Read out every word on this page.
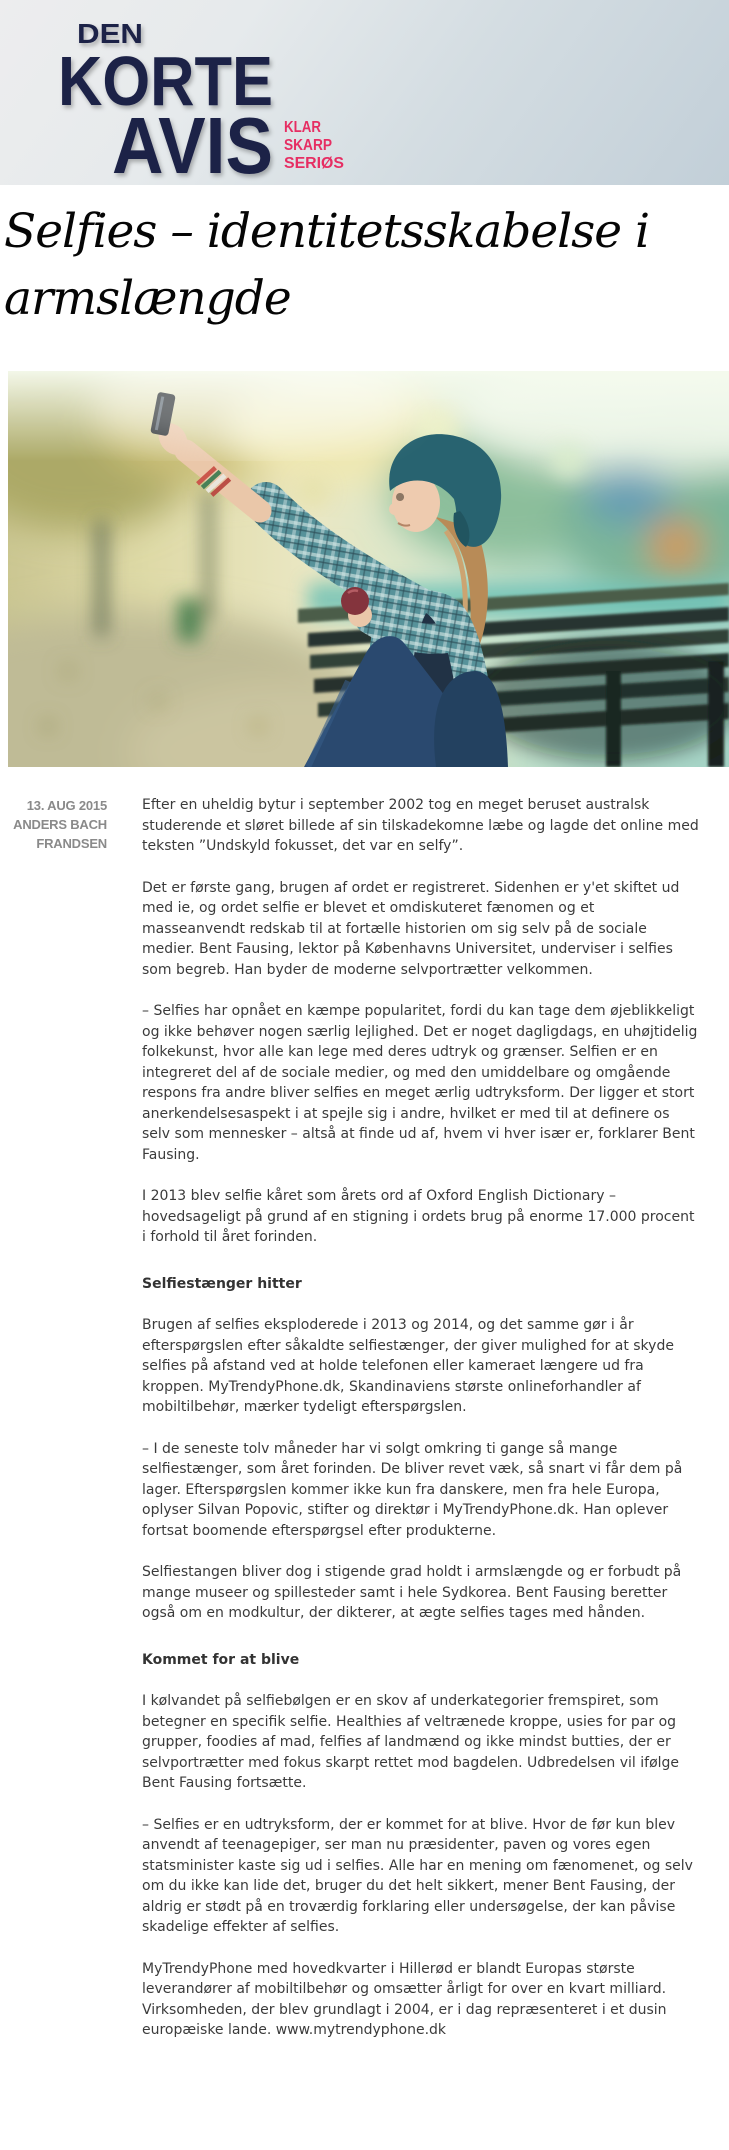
DEN
KORTE
AVIS KLAR
SKARP
SERIØS
Selfies – identitetsskabelse i
armslængde
13. AUG 2015
ANDERS BACH FRANDSEN

Efter en uheldig bytur i september 2002 tog en meget beruset australsk studerende et sløret billede af sin tilskadekomne læbe og lagde det online med teksten ”Undskyld fokusset, det var en selfy”.

Det er første gang, brugen af ordet er registreret. Sidenhen er y'et skiftet ud med ie, og ordet selfie er blevet et omdiskuteret fænomen og et masseanvendt redskab til at fortælle historien om sig selv på de sociale medier. Bent Fausing, lektor på Københavns Universitet, underviser i selfies som begreb. Han byder de moderne selvportrætter velkommen.

– Selfies har opnået en kæmpe popularitet, fordi du kan tage dem øjeblikkeligt og ikke behøver nogen særlig lejlighed. Det er noget dagligdags, en uhøjtidelig folkekunst, hvor alle kan lege med deres udtryk og grænser. Selfien er en integreret del af de sociale medier, og med den umiddelbare og omgående respons fra andre bliver selfies en meget ærlig udtryksform. Der ligger et stort anerkendelsesaspekt i at spejle sig i andre, hvilket er med til at definere os selv som mennesker – altså at finde ud af, hvem vi hver især er, forklarer Bent Fausing.

I 2013 blev selfie kåret som årets ord af Oxford English Dictionary – hovedsageligt på grund af en stigning i ordets brug på enorme 17.000 procent i forhold til året forinden.

Selfiestænger hitter

Brugen af selfies eksploderede i 2013 og 2014, og det samme gør i år efterspørgslen efter såkaldte selfiestænger, der giver mulighed for at skyde selfies på afstand ved at holde telefonen eller kameraet længere ud fra kroppen. MyTrendyPhone.dk, Skandinaviens største onlineforhandler af mobiltilbehør, mærker tydeligt efterspørgslen.

– I de seneste tolv måneder har vi solgt omkring ti gange så mange selfiestænger, som året forinden. De bliver revet væk, så snart vi får dem på lager. Efterspørgslen kommer ikke kun fra danskere, men fra hele Europa, oplyser Silvan Popovic, stifter og direktør i MyTrendyPhone.dk. Han oplever fortsat boomende efterspørgsel efter produkterne.

Selfiestangen bliver dog i stigende grad holdt i armslængde og er forbudt på mange museer og spillesteder samt i hele Sydkorea. Bent Fausing beretter også om en modkultur, der dikterer, at ægte selfies tages med hånden.

Kommet for at blive

I kølvandet på selfiebølgen er en skov af underkategorier fremspiret, som betegner en specifik selfie. Healthies af veltrænede kroppe, usies for par og grupper, foodies af mad, felfies af landmænd og ikke mindst butties, der er selvportrætter med fokus skarpt rettet mod bagdelen. Udbredelsen vil ifølge Bent Fausing fortsætte.

– Selfies er en udtryksform, der er kommet for at blive. Hvor de før kun blev anvendt af teenagepiger, ser man nu præsidenter, paven og vores egen statsminister kaste sig ud i selfies. Alle har en mening om fænomenet, og selv om du ikke kan lide det, bruger du det helt sikkert, mener Bent Fausing, der aldrig er stødt på en troværdig forklaring eller undersøgelse, der kan påvise skadelige effekter af selfies.

MyTrendyPhone med hovedkvarter i Hillerød er blandt Europas største leverandører af mobiltilbehør og omsætter årligt for over en kvart milliard. Virksomheden, der blev grundlagt i 2004, er i dag repræsenteret i et dusin europæiske lande. www.mytrendyphone.dk
